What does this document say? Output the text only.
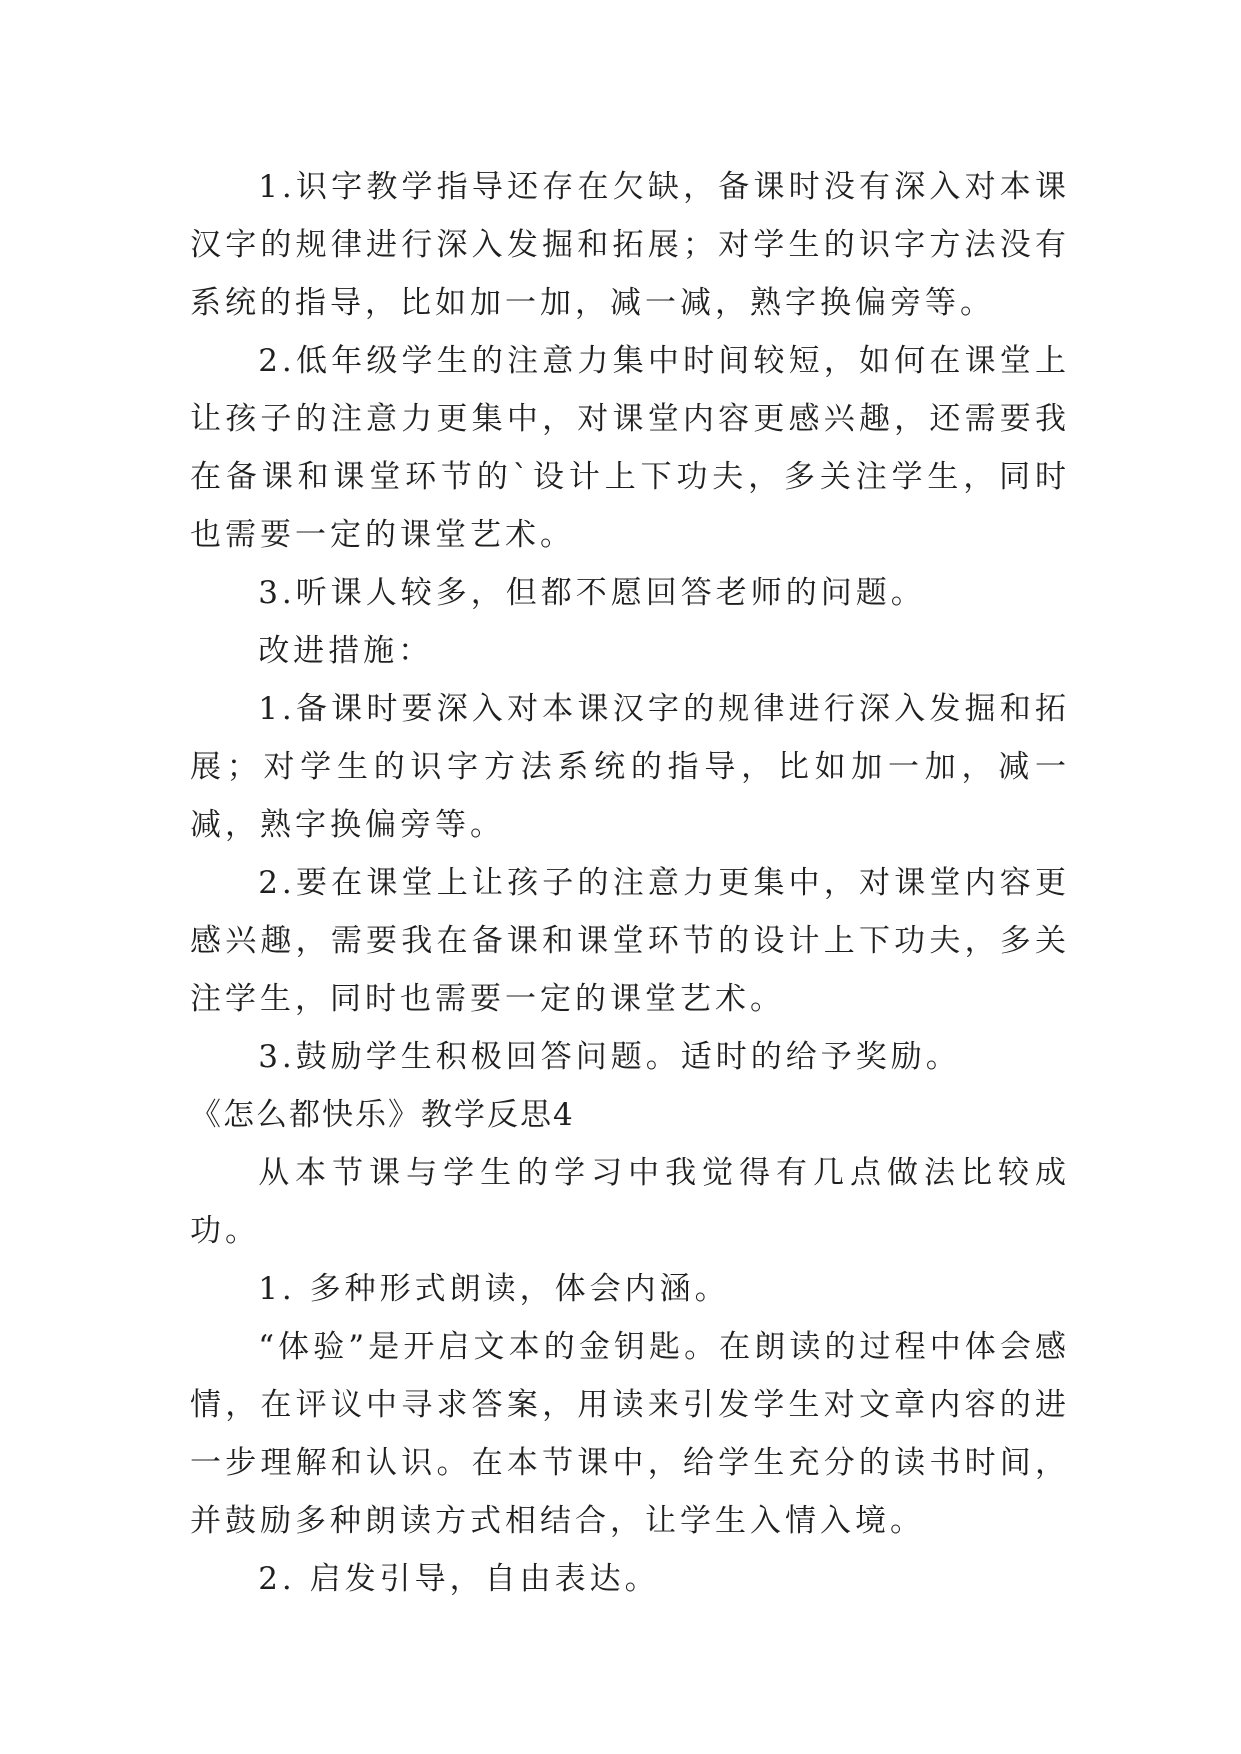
1.识字教学指导还存在欠缺，备课时没有深入对本课汉字的规律进行深入发掘和拓展；对学生的识字方法没有系统的指导，比如加一加，减一减，熟字换偏旁等。

2.低年级学生的注意力集中时间较短，如何在课堂上让孩子的注意力更集中，对课堂内容更感兴趣，还需要我在备课和课堂环节的`设计上下功夫，多关注学生，同时也需要一定的课堂艺术。

3.听课人较多，但都不愿回答老师的问题。

改进措施：

1.备课时要深入对本课汉字的规律进行深入发掘和拓展；对学生的识字方法系统的指导，比如加一加，减一减，熟字换偏旁等。

2.要在课堂上让孩子的注意力更集中，对课堂内容更感兴趣，需要我在备课和课堂环节的设计上下功夫，多关注学生，同时也需要一定的课堂艺术。

3.鼓励学生积极回答问题。适时的给予奖励。

《怎么都快乐》教学反思4

从本节课与学生的学习中我觉得有几点做法比较成功。

1. 多种形式朗读，体会内涵。

“体验”是开启文本的金钥匙。在朗读的过程中体会感情，在评议中寻求答案，用读来引发学生对文章内容的进一步理解和认识。在本节课中，给学生充分的读书时间，并鼓励多种朗读方式相结合，让学生入情入境。

2. 启发引导，自由表达。
